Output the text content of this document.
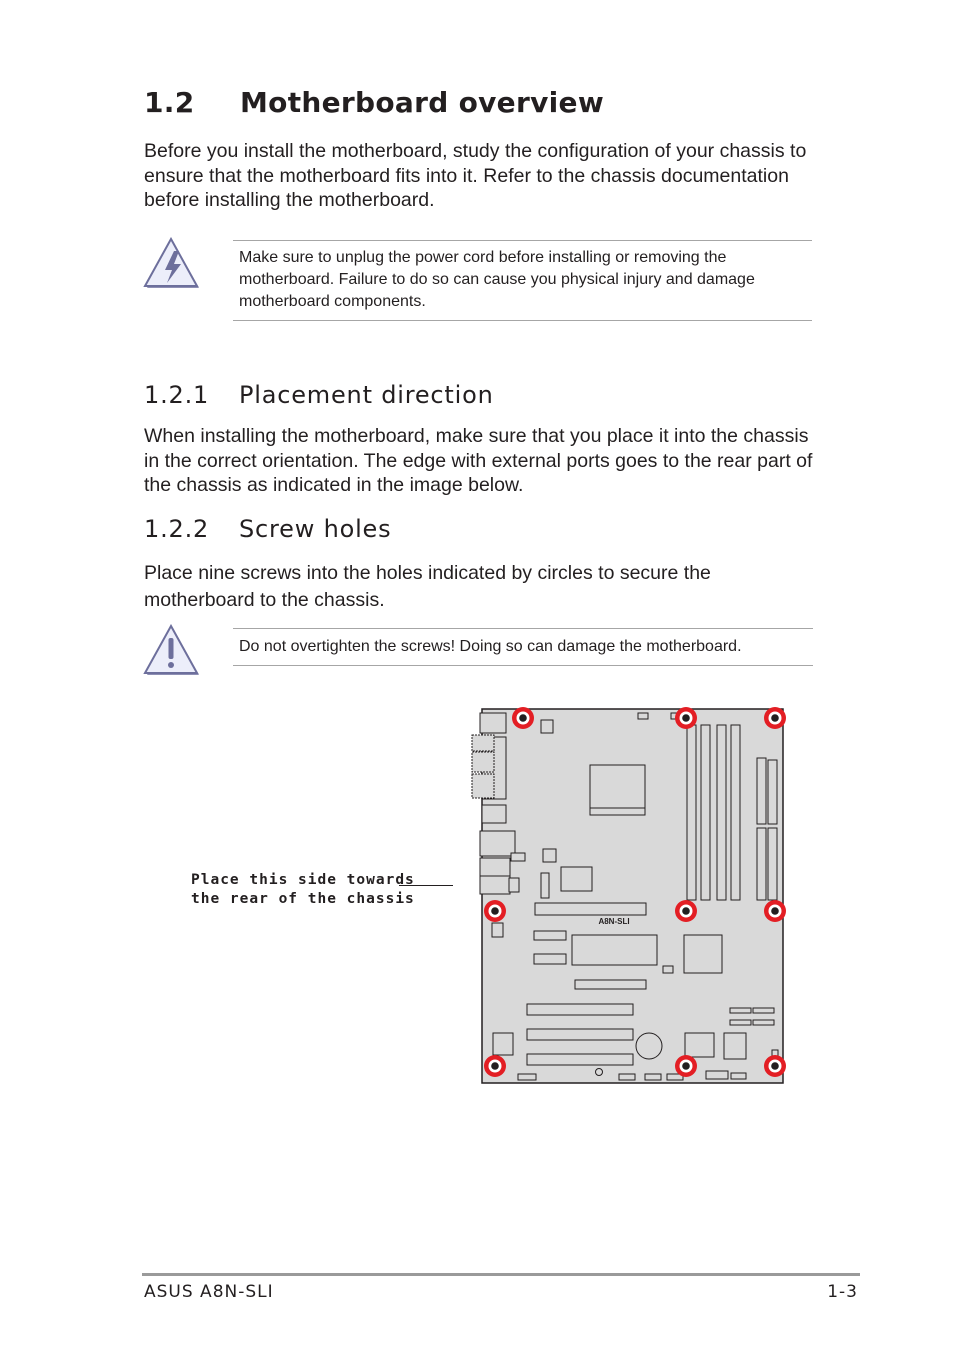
1.2 Motherboard overview

Before you install the motherboard, study the configuration of your chassis to ensure that the motherboard fits into it. Refer to the chassis documentation before installing the motherboard.

Make sure to unplug the power cord before installing or removing the motherboard. Failure to do so can cause you physical injury and damage motherboard components.

1.2.1 Placement direction

When installing the motherboard, make sure that you place it into the chassis in the correct orientation. The edge with external ports goes to the rear part of the chassis as indicated in the image below.

1.2.2 Screw holes

Place nine screws into the holes indicated by circles to secure the motherboard to the chassis.

Do not overtighten the screws! Doing so can damage the motherboard.

Place this side towards
the rear of the chassis
A8N-SLI

ASUS A8N-SLI	1-3
